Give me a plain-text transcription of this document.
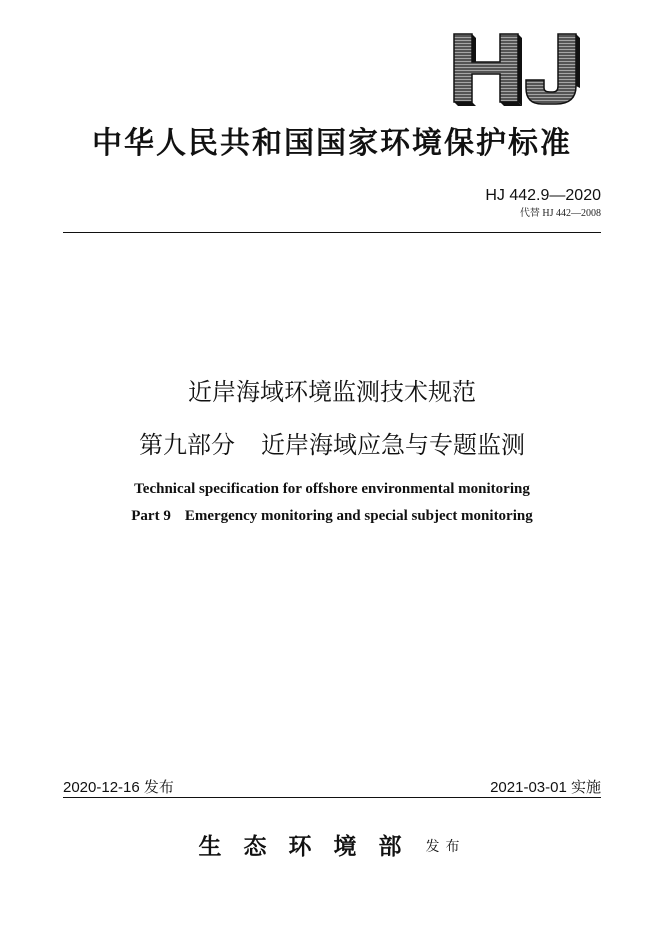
中华人民共和国国家环境保护标准
HJ 442.9—2020
代替 HJ 442—2008
近岸海域环境监测技术规范
第九部分 近岸海域应急与专题监测
Technical specification for offshore environmental monitoring
Part 9 Emergency monitoring and special subject monitoring
2020-12-16 发布	2021-03-01 实施
生态环境部 发布
